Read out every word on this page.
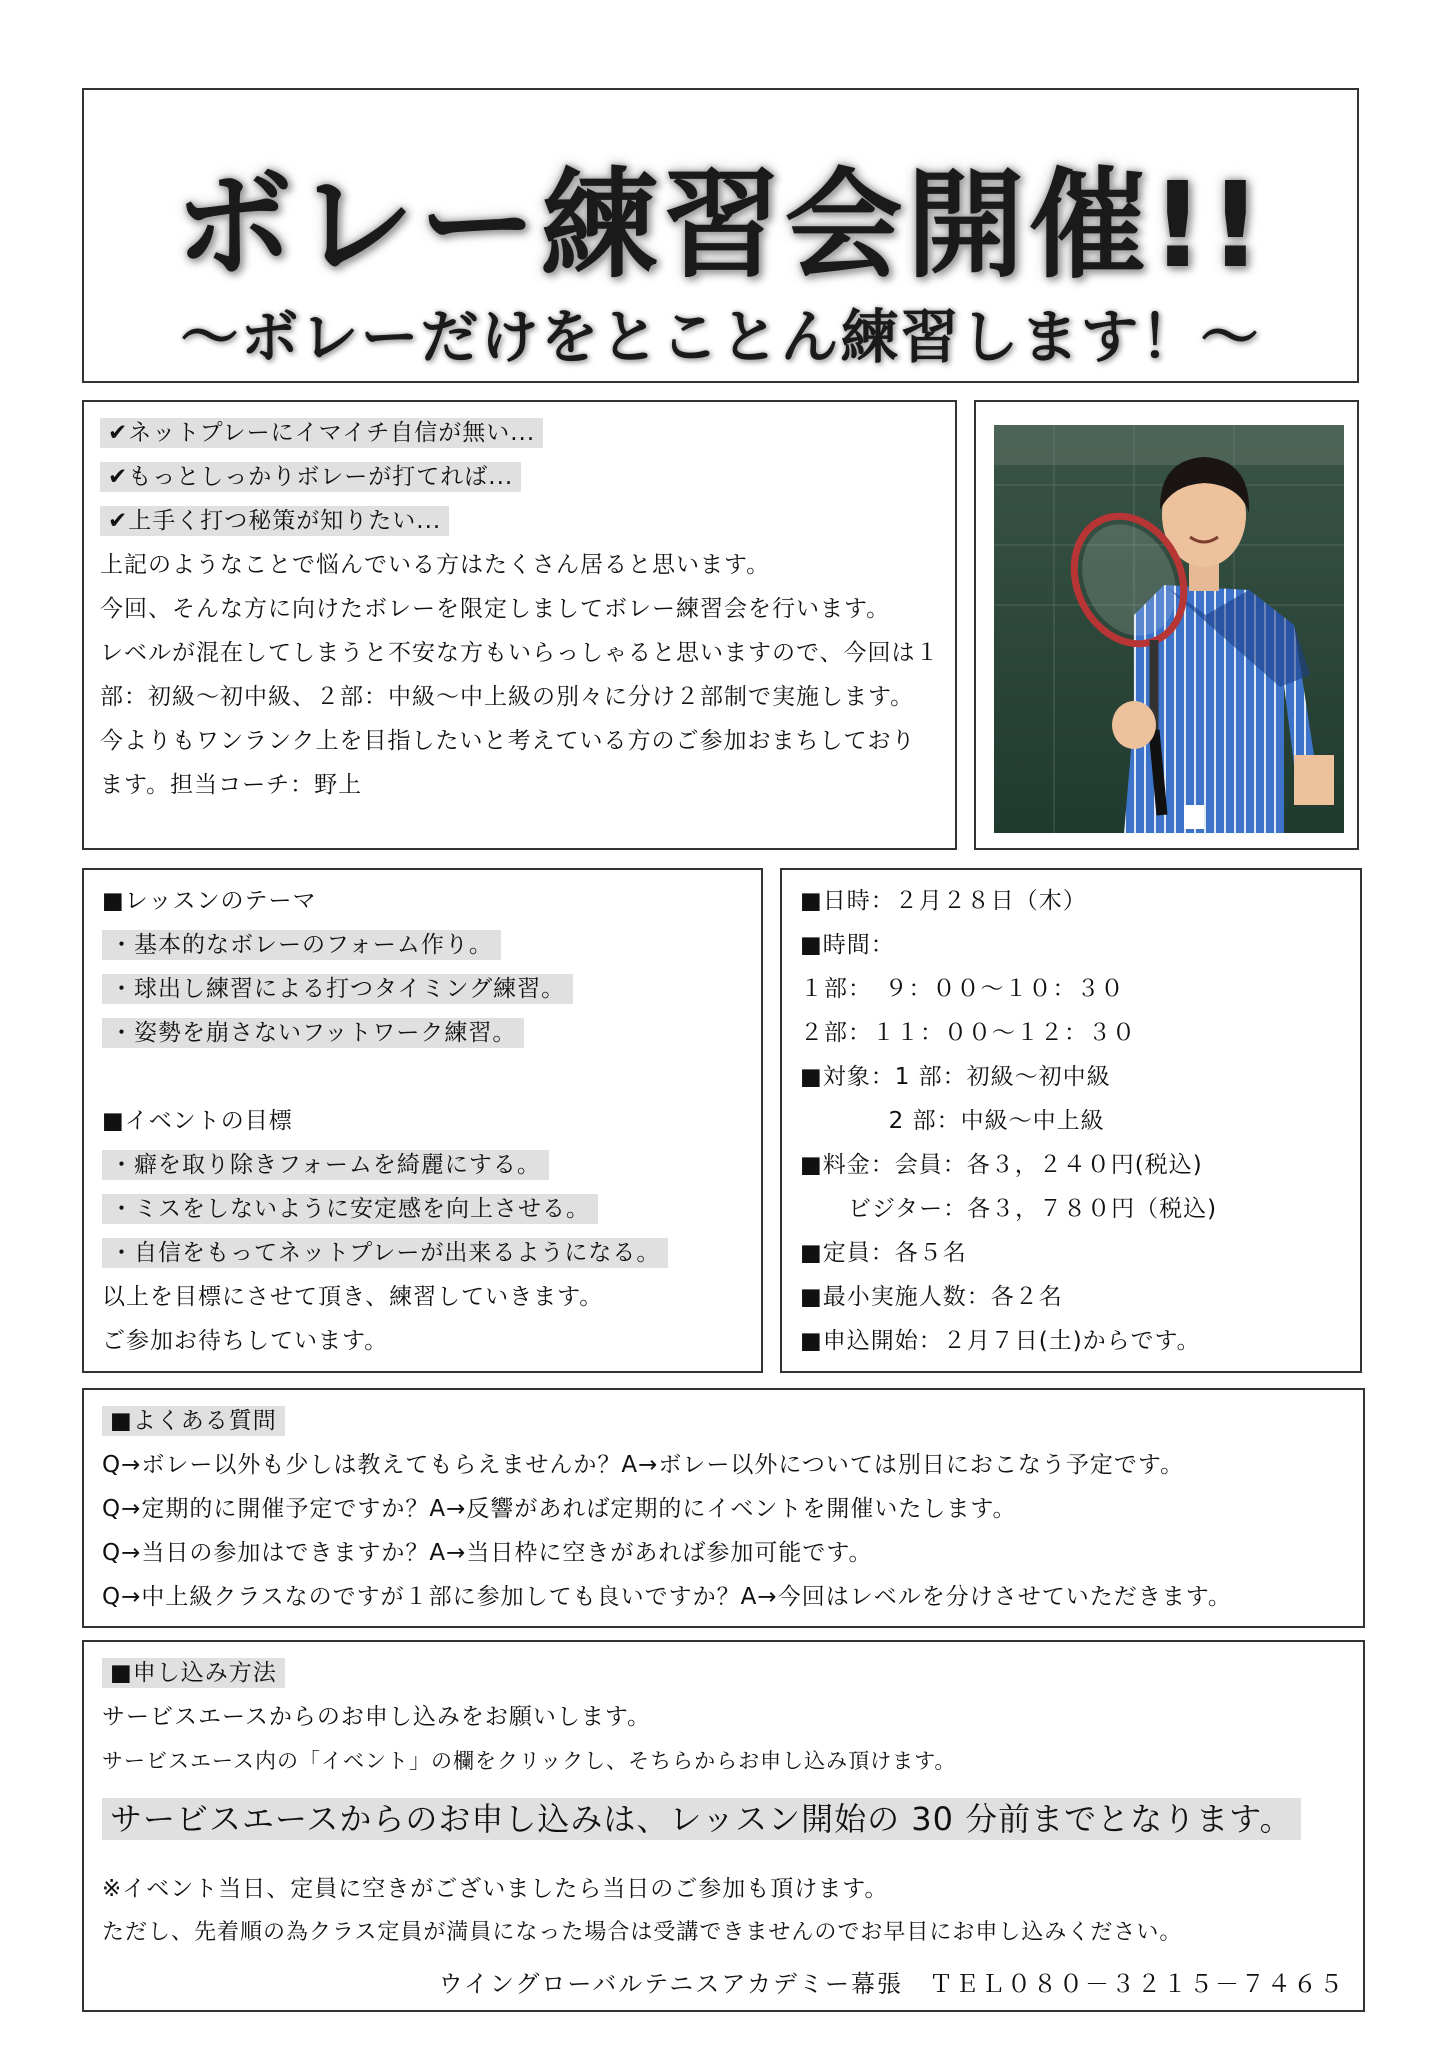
ボレー練習会開催!!
～ボレーだけをとことん練習します！～
✔ネットプレーにイマイチ自信が無い...
✔もっとしっかりボレーが打てれば...
✔上手く打つ秘策が知りたい...
上記のようなことで悩んでいる方はたくさん居ると思います。
今回、そんな方に向けたボレーを限定しましてボレー練習会を行います。
レベルが混在してしまうと不安な方もいらっしゃると思いますので、今回は１
部：初級～初中級、２部：中級～中上級の別々に分け２部制で実施します。
今よりもワンランク上を目指したいと考えている方のご参加おまちしており
ます。担当コーチ：野上
■レッスンのテーマ
・基本的なボレーのフォーム作り。
・球出し練習による打つタイミング練習。
・姿勢を崩さないフットワーク練習。
■イベントの目標
・癖を取り除きフォームを綺麗にする。
・ミスをしないように安定感を向上させる。
・自信をもってネットプレーが出来るようになる。
以上を目標にさせて頂き、練習していきます。
ご参加お待ちしています。
■日時：２月２８日（木）
■時間：
１部：　９：００～１０：３０
２部：１１：００～１２：３０
■対象：1 部：初級～初中級
　　　  2 部：中級～中上級
■料金：会員：各３，２４０円(税込)
　　ビジター：各３，７８０円（税込)
■定員：各５名
■最小実施人数：各２名
■申込開始：２月７日(土)からです。
■よくある質問
Q→ボレー以外も少しは教えてもらえませんか？A→ボレー以外については別日におこなう予定です。
Q→定期的に開催予定ですか？A→反響があれば定期的にイベントを開催いたします。
Q→当日の参加はできますか？A→当日枠に空きがあれば参加可能です。
Q→中上級クラスなのですが１部に参加しても良いですか？A→今回はレベルを分けさせていただきます。
■申し込み方法
サービスエースからのお申し込みをお願いします。
サービスエース内の「イベント」の欄をクリックし、そちらからお申し込み頂けます。
サービスエースからのお申し込みは、レッスン開始の 30 分前までとなります。
※イベント当日、定員に空きがございましたら当日のご参加も頂けます。
ただし、先着順の為クラス定員が満員になった場合は受講できませんのでお早目にお申し込みください。
ウイングローバルテニスアカデミー幕張　ＴＥＬ０８０－３２１５－７４６５
